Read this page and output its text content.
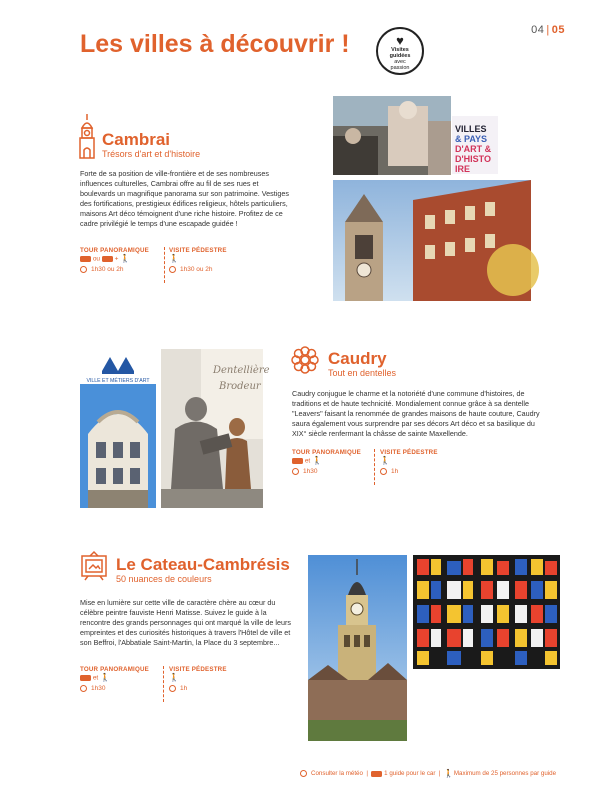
04 | 05
Les villes à découvrir !	♥
Visites
guidées
avec
passion
Cambrai
Trésors d'art et d'histoire
Forte de sa position de ville-frontière et de ses nombreuses influences culturelles, Cambrai offre au fil de ses rues et boulevards un magnifique panorama sur son patrimoine. Vestiges des fortifications, prestigieux édifices religieux, hôtels particuliers, maisons Art déco témoignent d'une riche histoire. Profitez de ce cadre privilégié le temps d'une escapade guidée !
TOUR PANORAMIQUE
ou + 🚶
1h30 ou 2h
VISITE PÉDESTRE
🚶
1h30 ou 2h
VILLES
& PAYS
D'ART &
D'HISTO
IRE
VILLE ET MÉTIERS D'ART
Dentellière
Brodeur
Caudry
Tout en dentelles
Caudry conjugue le charme et la notoriété d'une commune d'histoires, de traditions et de haute technicité. Mondialement connue grâce à sa dentelle "Leavers" faisant la renommée de grandes maisons de haute couture, Caudry saura également vous surprendre par ses décors Art déco et sa basilique du XIX° siècle renfermant la châsse de sainte Maxellende.
TOUR PANORAMIQUE
et 🚶
1h30
VISITE PÉDESTRE
🚶
1h
Le Cateau-Cambrésis
50 nuances de couleurs
Mise en lumière sur cette ville de caractère chère au cœur du célèbre peintre fauviste Henri Matisse. Suivez le guide à la rencontre des grands personnages qui ont marqué la ville de leurs empreintes et des curiosités historiques à travers l'Hôtel de ville et son Beffroi, l'Abbatiale Saint-Martin, la Place du 3 septembre...
TOUR PANORAMIQUE
et 🚶
1h30
VISITE PÉDESTRE
🚶
1h
Consulter la météo  |   1 guide pour le car  |  🚶Maximum de 25 personnes par guide
